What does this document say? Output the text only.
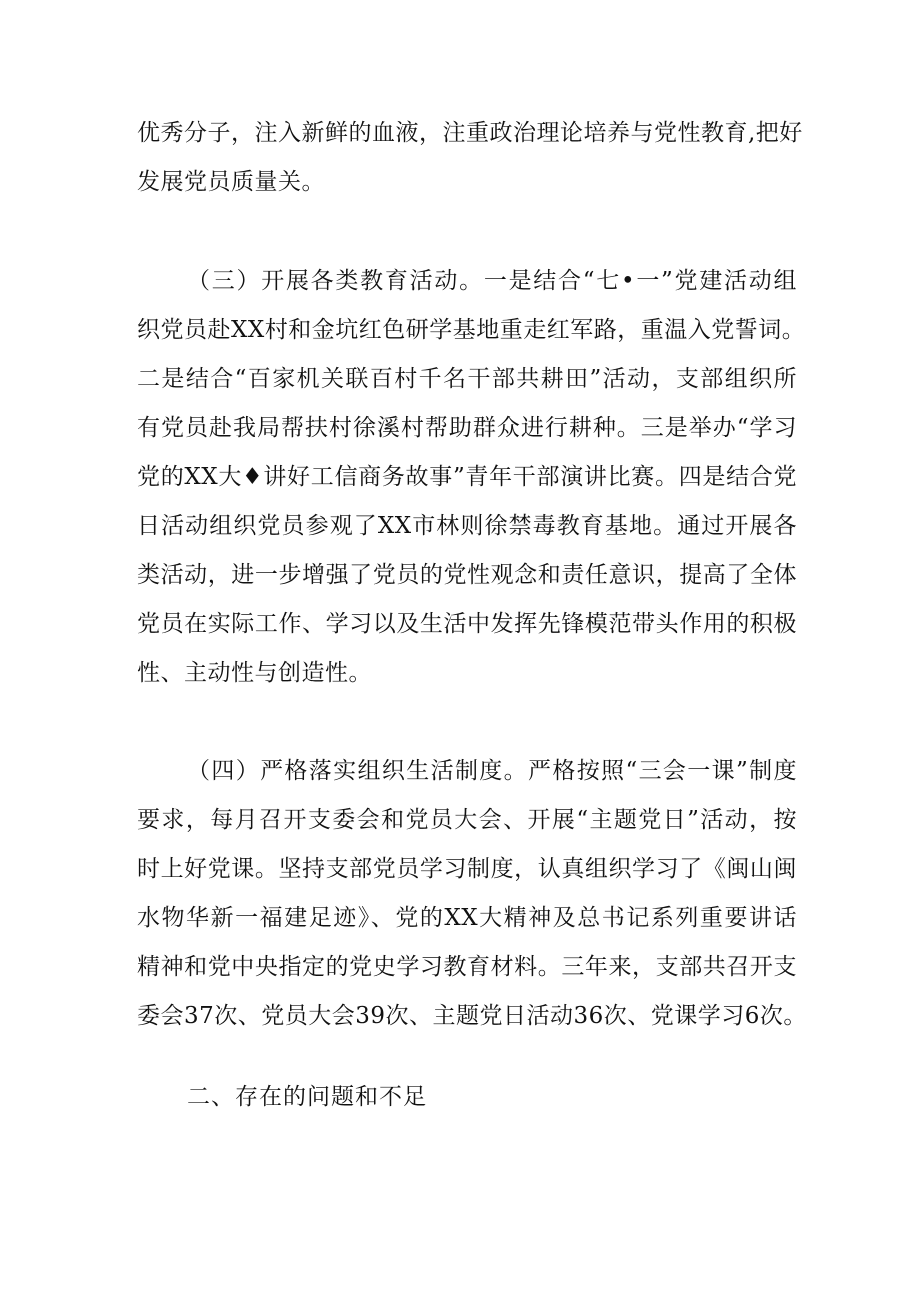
优秀分子，注入新鲜的血液，注重政治理论培养与党性教育,把好
发展党员质量关。
（三）开展各类教育活动。一是结合“七•一”党建活动组
织党员赴XX村和金坑红色研学基地重走红军路，重温入党誓词。
二是结合“百家机关联百村千名干部共耕田”活动，支部组织所
有党员赴我局帮扶村徐溪村帮助群众进行耕种。三是举办“学习
党的XX大♦讲好工信商务故事”青年干部演讲比赛。四是结合党
日活动组织党员参观了XX市林则徐禁毒教育基地。通过开展各
类活动，进一步增强了党员的党性观念和责任意识，提高了全体
党员在实际工作、学习以及生活中发挥先锋模范带头作用的积极
性、主动性与创造性。
（四）严格落实组织生活制度。严格按照“三会一课”制度
要求，每月召开支委会和党员大会、开展“主题党日”活动，按
时上好党课。坚持支部党员学习制度，认真组织学习了《闽山闽
水物华新一福建足迹》、党的XX大精神及总书记系列重要讲话
精神和党中央指定的党史学习教育材料。三年来，支部共召开支
委会37次、党员大会39次、主题党日活动36次、党课学习6次。
二、存在的问题和不足
